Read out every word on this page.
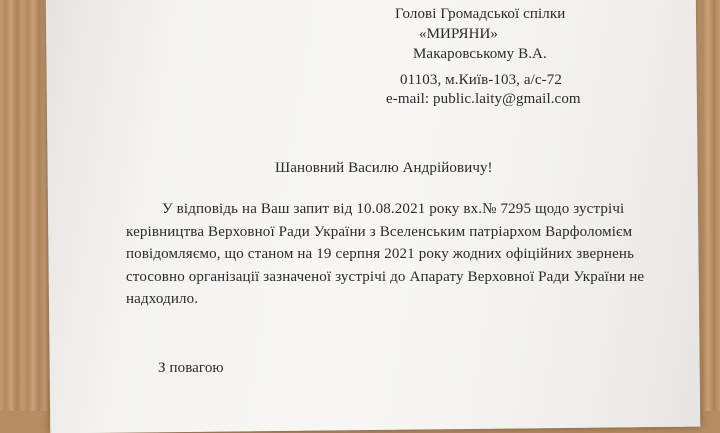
Голові Громадської спілки
«МИРЯНИ»
Макаровському В.А.
01103, м.Київ-103, а/с-72
e-mail: public.laity@gmail.com
Шановний Василю Андрійовичу!
У відповідь на Ваш запит від 10.08.2021 року вх.№ 7295 щодо зустрічі
керівництва Верховної Ради України з Вселенським патріархом Варфоломієм
повідомляємо, що станом на 19 серпня 2021 року жодних офіційних звернень
стосовно організації зазначеної зустрічі до Апарату Верховної Ради України не
надходило.
З повагою
